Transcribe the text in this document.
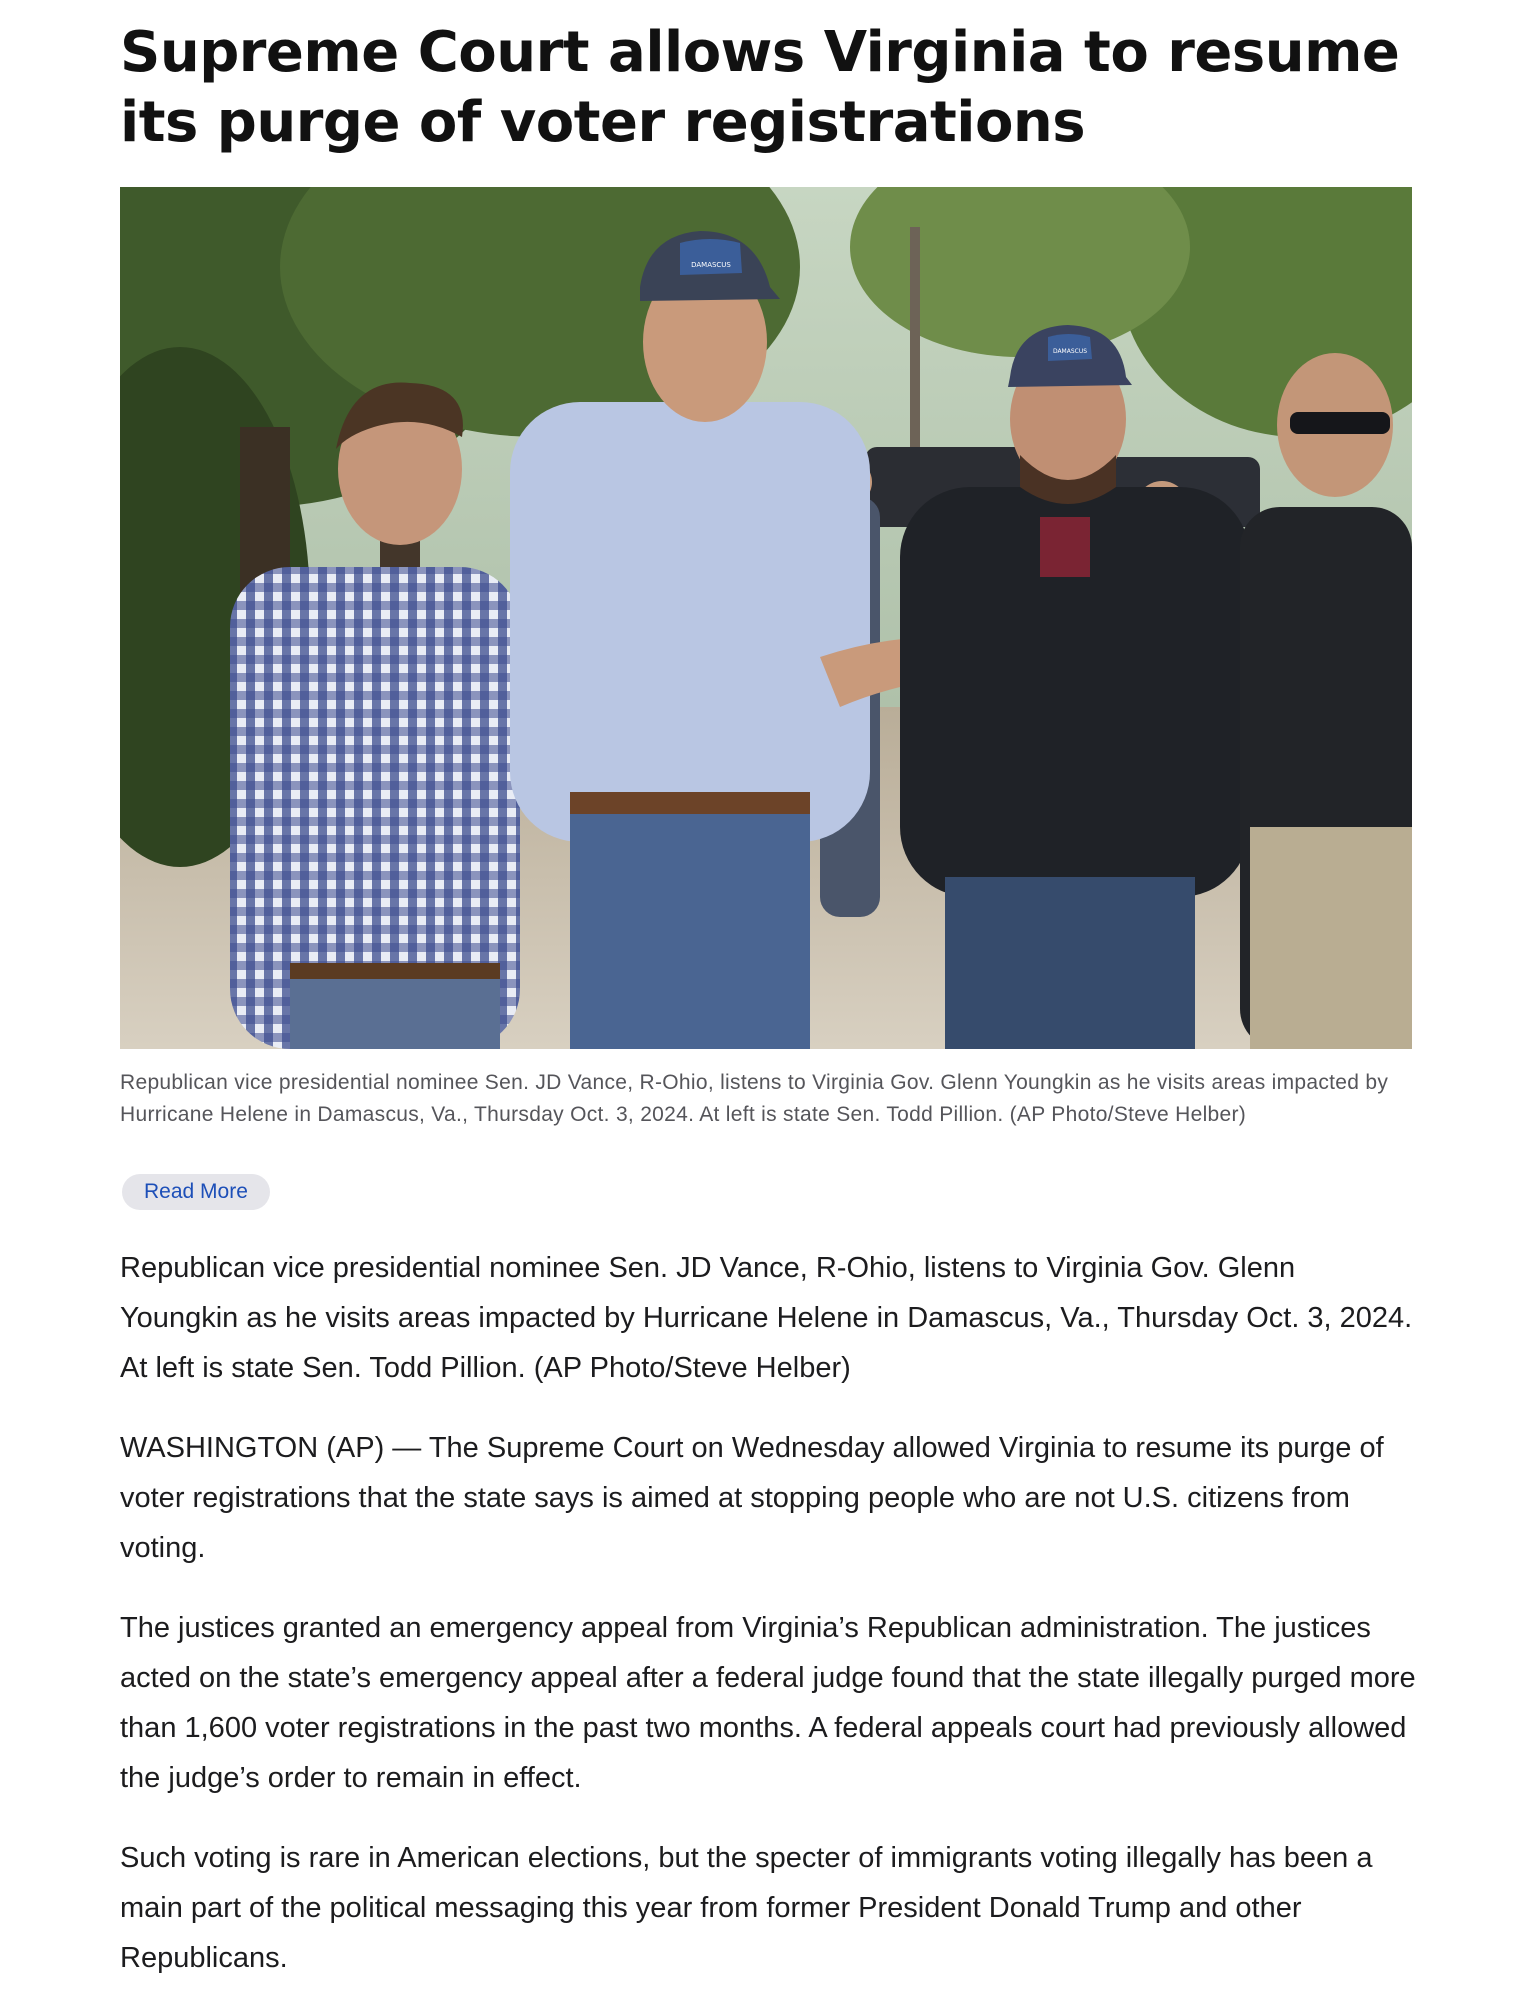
Supreme Court allows Virginia to resume its purge of voter registrations
DAMASCUS
DAMASCUS
Republican vice presidential nominee Sen. JD Vance, R-Ohio, listens to Virginia Gov. Glenn Youngkin as he visits areas impacted by Hurricane Helene in Damascus, Va., Thursday Oct. 3, 2024. At left is state Sen. Todd Pillion. (AP Photo/Steve Helber)
Read More

Republican vice presidential nominee Sen. JD Vance, R-Ohio, listens to Virginia Gov. Glenn Youngkin as he visits areas impacted by Hurricane Helene in Damascus, Va., Thursday Oct. 3, 2024. At left is state Sen. Todd Pillion. (AP Photo/Steve Helber)

WASHINGTON (AP) — The Supreme Court on Wednesday allowed Virginia to resume its purge of voter registrations that the state says is aimed at stopping people who are not U.S. citizens from voting.

The justices granted an emergency appeal from Virginia’s Republican administration. The justices acted on the state’s emergency appeal after a federal judge found that the state illegally purged more than 1,600 voter registrations in the past two months. A federal appeals court had previously allowed the judge’s order to remain in effect.

Such voting is rare in American elections, but the specter of immigrants voting illegally has been a main part of the political messaging this year from former President Donald Trump and other Republicans.
